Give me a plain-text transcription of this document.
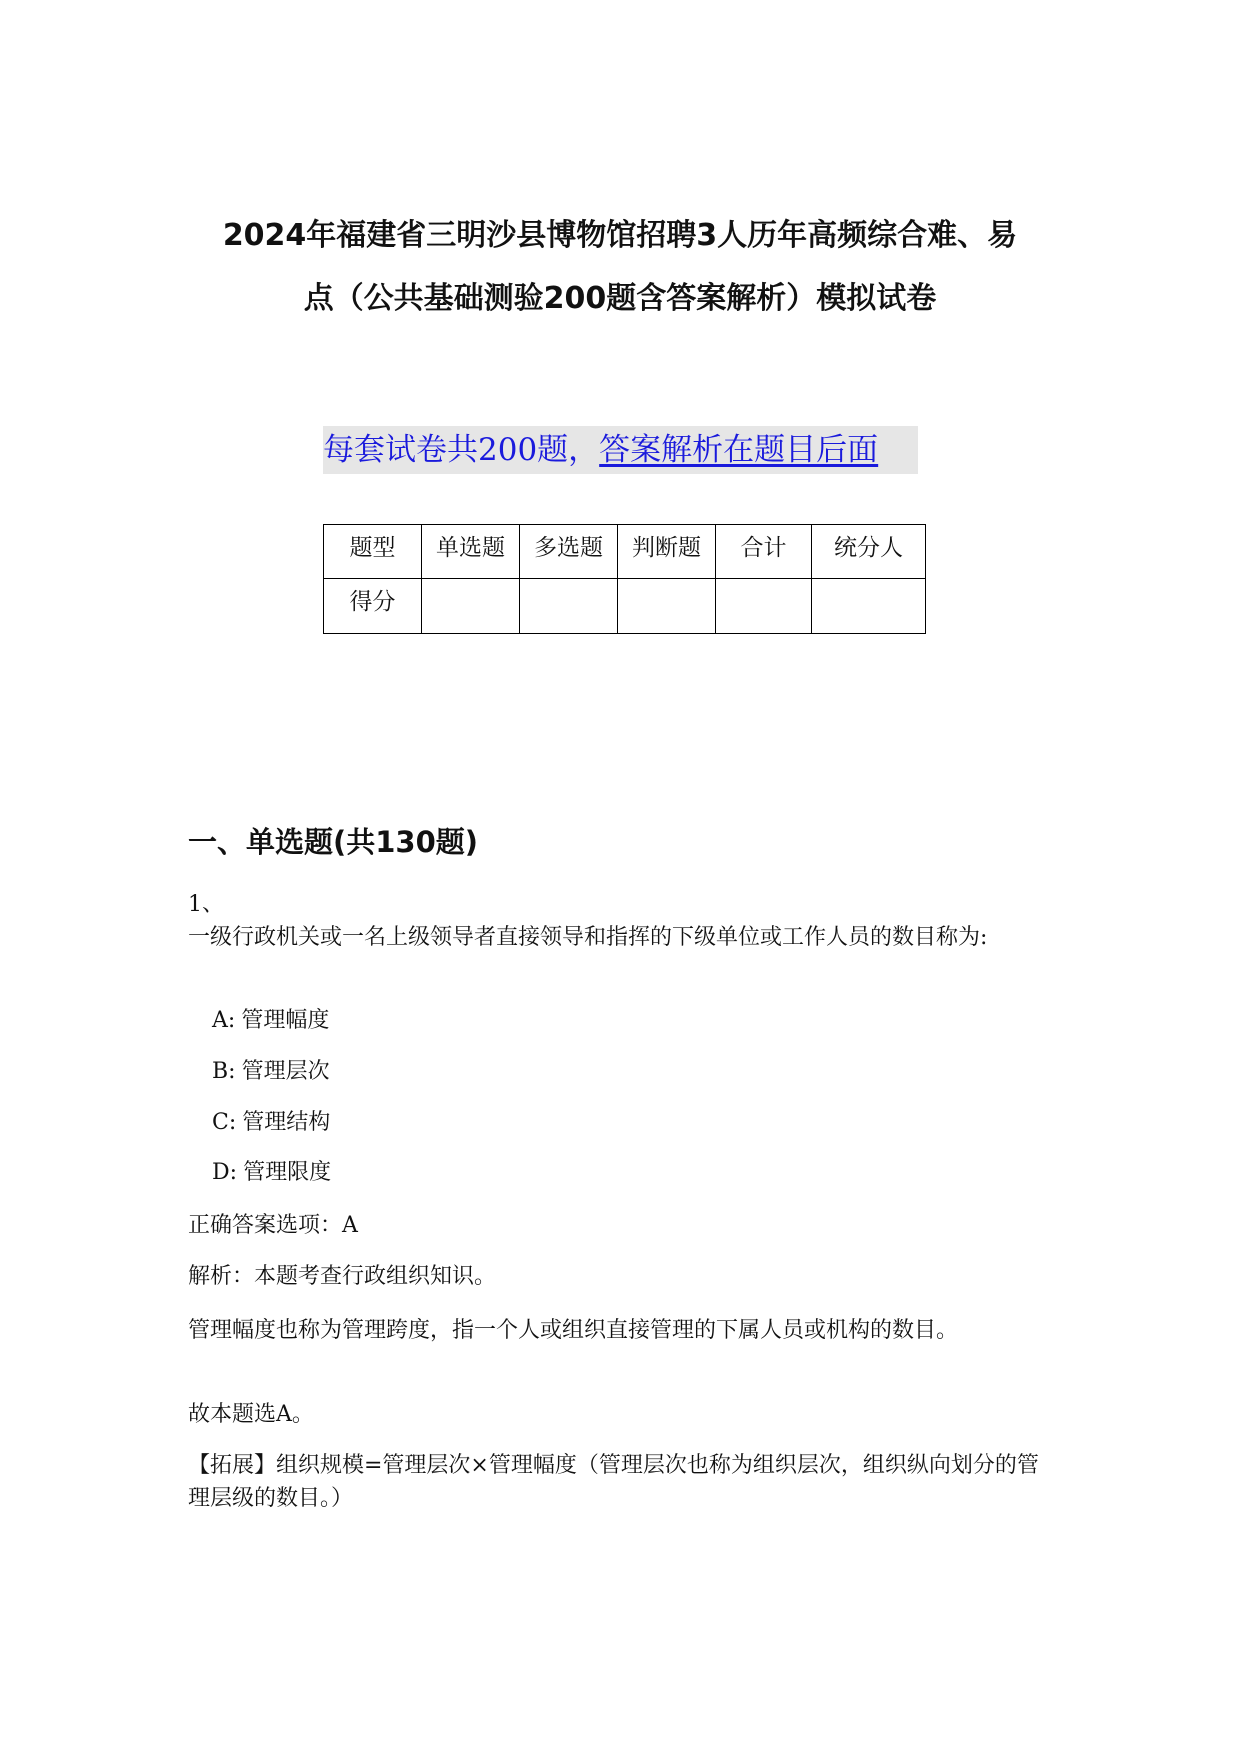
2024年福建省三明沙县博物馆招聘3人历年高频综合难、易
点（公共基础测验200题含答案解析）模拟试卷
每套试卷共200题，答案解析在题目后面
题型	单选题	多选题	判断题	合计	统分人
得分					
一、单选题(共130题)
1、
一级行政机关或一名上级领导者直接领导和指挥的下级单位或工作人员的数目称为:
A: 管理幅度
B: 管理层次
C: 管理结构
D: 管理限度
正确答案选项：A
解析：本题考查行政组织知识。
管理幅度也称为管理跨度，指一个人或组织直接管理的下属人员或机构的数目。
故本题选A。
【拓展】组织规模=管理层次×管理幅度（管理层次也称为组织层次，组织纵向划分的管理层级的数目。）
